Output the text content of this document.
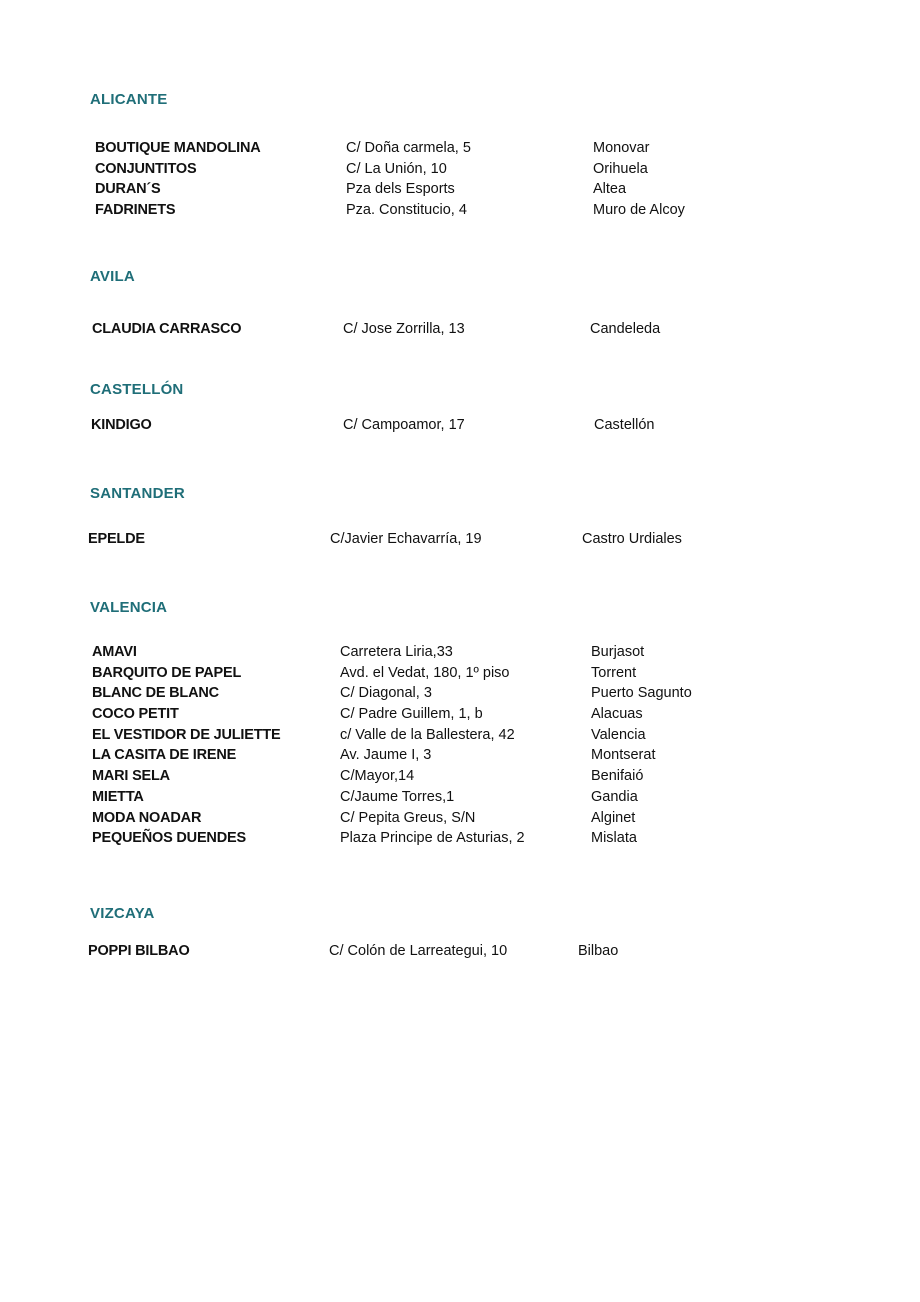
ALICANTE
BOUTIQUE MANDOLINA	C/ Doña carmela, 5	Monovar
CONJUNTITOS	C/ La Unión, 10	Orihuela
DURAN´S	Pza dels Esports	Altea
FADRINETS	Pza. Constitucio, 4	Muro de Alcoy
AVILA
CLAUDIA CARRASCO	C/ Jose Zorrilla, 13	Candeleda
CASTELLÓN
KINDIGO	C/ Campoamor, 17	Castellón
SANTANDER
EPELDE	C/Javier Echavarría, 19	Castro Urdiales
VALENCIA
AMAVI	Carretera Liria,33	Burjasot
BARQUITO DE PAPEL	Avd. el Vedat, 180, 1º piso	Torrent
BLANC DE BLANC	C/ Diagonal, 3	Puerto Sagunto
COCO PETIT	C/ Padre Guillem, 1, b	Alacuas
EL VESTIDOR DE JULIETTE	c/ Valle de la Ballestera, 42	Valencia
LA CASITA DE IRENE	Av. Jaume I, 3	Montserat
MARI SELA	C/Mayor,14	Benifaió
MIETTA	C/Jaume Torres,1	Gandia
MODA NOADAR	C/ Pepita Greus, S/N	Alginet
PEQUEÑOS DUENDES	Plaza Principe de Asturias, 2	Mislata
VIZCAYA
POPPI BILBAO	C/ Colón de Larreategui, 10	Bilbao
